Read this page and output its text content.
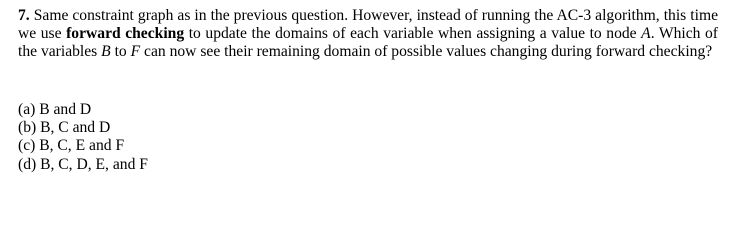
7. Same constraint graph as in the previous question. However, instead of running the AC-3 algorithm, this time we use forward checking to update the domains of each variable when assigning a value to node A. Which of the variables B to F can now see their remaining domain of possible values changing during forward checking?
(a) B and D
(b) B, C and D
(c) B, C, E and F
(d) B, C, D, E, and F
